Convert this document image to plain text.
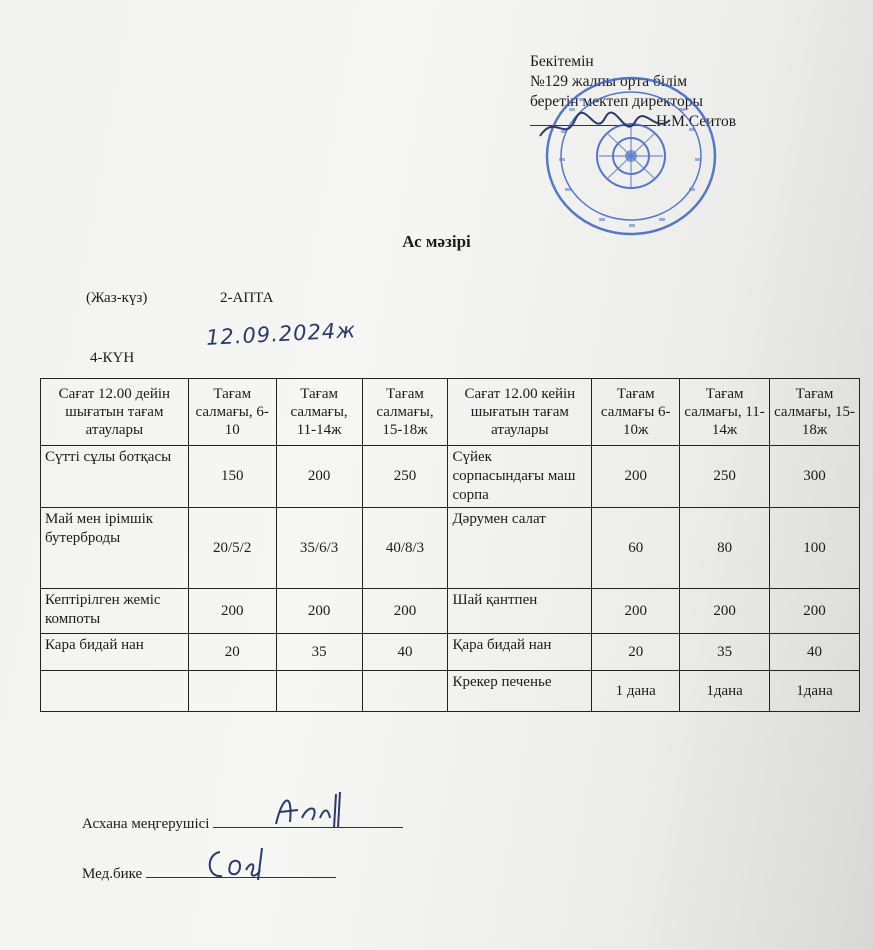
Бекітемін
№129 жалпы орта білім
беретін мектеп директоры
Н.М.Сеитов
Ас мәзірі
(Жаз-күз)	2-АПТА
12.09.2024ж
4-КҮН
Сағат 12.00 дейін шығатын тағам атаулары	Тағам салмағы, 6-10	Тағам салмағы, 11-14ж	Тағам салмағы, 15-18ж	Сағат 12.00 кейін шығатын тағам атаулары	Тағам салмағы 6-10ж	Тағам салмағы, 11-14ж	Тағам салмағы, 15-18ж
Сүтті сұлы ботқасы	150	200	250	Сүйек сорпасындағы маш сорпа	200	250	300
Май мен ірімшік бутерброды	20/5/2	35/6/3	40/8/3	Дәрумен салат	60	80	100
Кептірілген жеміс компоты	200	200	200	Шай қантпен	200	200	200
Кара бидай нан	20	35	40	Қара бидай нан	20	35	40
				Крекер печенье	1 дана	1дана	1дана
Асхана меңгерушісі
Мед.бике
